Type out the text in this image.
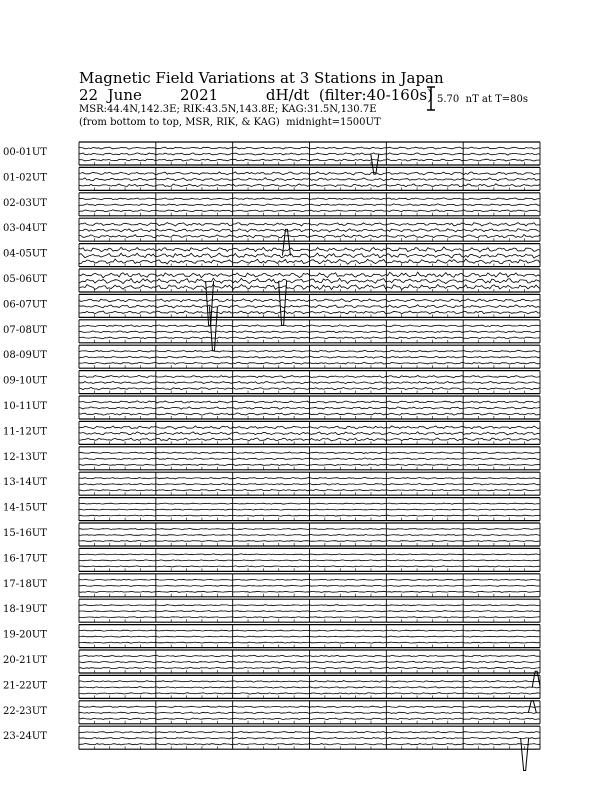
Magnetic Field Variations at 3 Stations in Japan
22 June	2021	dH/dt (filter:40-160s)
MSR:44.4N,142.3E; RIK:43.5N,143.8E; KAG:31.5N,130.7E
(from bottom to top, MSR, RIK, & KAG) midnight=1500UT
5.70  nT at T=80s
00-01UT
01-02UT
02-03UT
03-04UT
04-05UT
05-06UT
06-07UT
07-08UT
08-09UT
09-10UT
10-11UT
11-12UT
12-13UT
13-14UT
14-15UT
15-16UT
16-17UT
17-18UT
18-19UT
19-20UT
20-21UT
21-22UT
22-23UT
23-24UT
